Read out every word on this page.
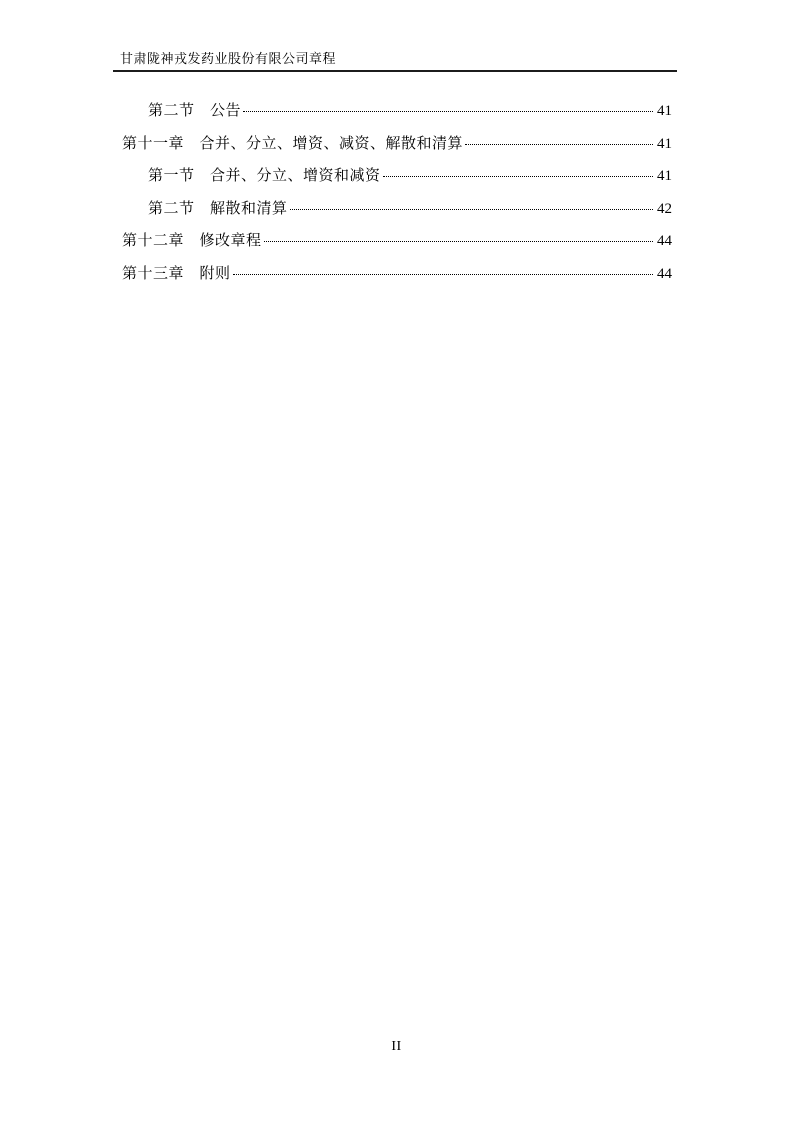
甘肃陇神戎发药业股份有限公司章程
第二节　公告	41
第十一章　合并、分立、增资、减资、解散和清算	41
第一节　合并、分立、增资和减资	41
第二节　解散和清算	42
第十二章　修改章程	44
第十三章　附则	44
II
